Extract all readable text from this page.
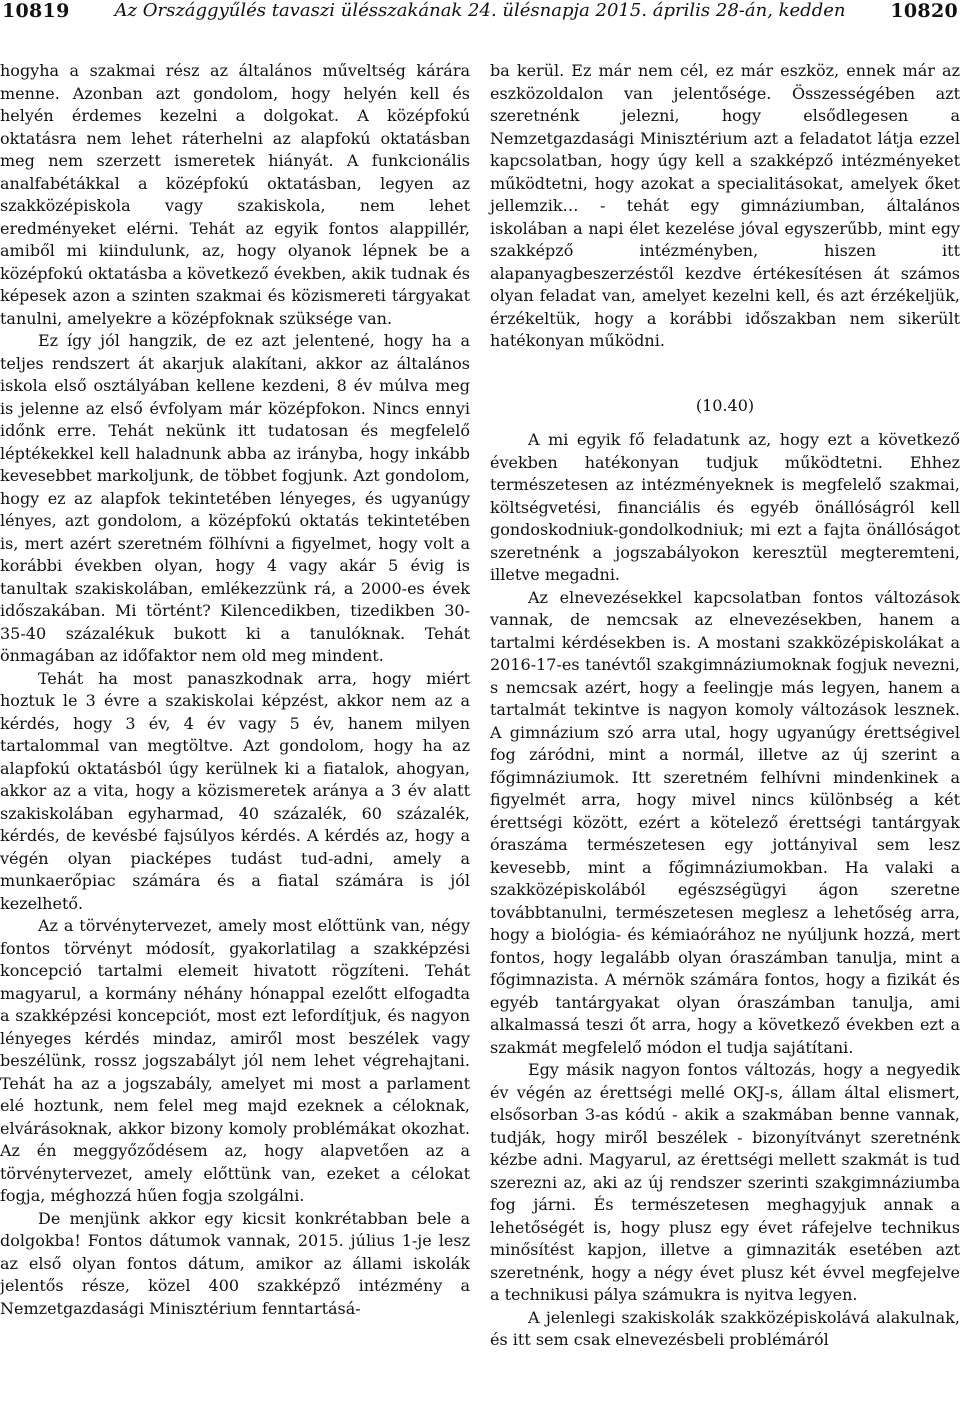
10819	Az Országgyűlés tavaszi ülésszakának 24. ülésnapja 2015. április 28-án, kedden	10820

hogyha a szakmai rész az általános műveltség kárára menne. Azonban azt gondolom, hogy helyén kell és helyén érdemes kezelni a dolgokat. A középfokú oktatásra nem lehet ráterhelni az alapfokú oktatásban meg nem szerzett ismeretek hiányát. A funkcionális analfabétákkal a középfokú oktatásban, legyen az szakközépiskola vagy szakiskola, nem lehet eredményeket elérni. Tehát az egyik fontos alappillér, amiből mi kiindulunk, az, hogy olyanok lépnek be a középfokú oktatásba a következő években, akik tudnak és képesek azon a szinten szakmai és közismereti tárgyakat tanulni, amelyekre a középfoknak szüksége van.

Ez így jól hangzik, de ez azt jelentené, hogy ha a teljes rendszert át akarjuk alakítani, akkor az általános iskola első osztályában kellene kezdeni, 8 év múlva meg is jelenne az első évfolyam már középfokon. Nincs ennyi időnk erre. Tehát nekünk itt tudatosan és megfelelő léptékekkel kell haladnunk abba az irányba, hogy inkább kevesebbet markoljunk, de többet fogjunk. Azt gondolom, hogy ez az alapfok tekintetében lényeges, és ugyanúgy lényes, azt gondolom, a középfokú oktatás tekintetében is, mert azért szeretném fölhívni a figyelmet, hogy volt a korábbi években olyan, hogy 4 vagy akár 5 évig is tanultak szakiskolában, emlékezzünk rá, a 2000-es évek időszakában. Mi történt? Kilencedikben, tizedikben 30-35-40 százalékuk bukott ki a tanulóknak. Tehát önmagában az időfaktor nem old meg mindent.

Tehát ha most panaszkodnak arra, hogy miért hoztuk le 3 évre a szakiskolai képzést, akkor nem az a kérdés, hogy 3 év, 4 év vagy 5 év, hanem milyen tartalommal van megtöltve. Azt gondolom, hogy ha az alapfokú oktatásból úgy kerülnek ki a fiatalok, ahogyan, akkor az a vita, hogy a közismeretek aránya a 3 év alatt szakiskolában egyharmad, 40 százalék, 60 százalék, kérdés, de kevésbé fajsúlyos kérdés. A kérdés az, hogy a végén olyan piacképes tudást tud-adni, amely a munkaerőpiac számára és a fiatal számára is jól kezelhető.

Az a törvénytervezet, amely most előttünk van, négy fontos törvényt módosít, gyakorlatilag a szakképzési koncepció tartalmi elemeit hivatott rögzíteni. Tehát magyarul, a kormány néhány hónappal ezelőtt elfogadta a szakképzési koncepciót, most ezt lefordítjuk, és nagyon lényeges kérdés mindaz, amiről most beszélek vagy beszélünk, rossz jogszabályt jól nem lehet végrehajtani. Tehát ha az a jogszabály, amelyet mi most a parlament elé hoztunk, nem felel meg majd ezeknek a céloknak, elvárásoknak, akkor bizony komoly problémákat okozhat. Az én meggyőződésem az, hogy alapvetően az a törvénytervezet, amely előttünk van, ezeket a célokat fogja, méghozzá hűen fogja szolgálni.

De menjünk akkor egy kicsit konkrétabban bele a dolgokba! Fontos dátumok vannak, 2015. július 1-je lesz az első olyan fontos dátum, amikor az állami iskolák jelentős része, közel 400 szakképző intézmény a Nemzetgazdasági Minisztérium fenntartásá-

ba kerül. Ez már nem cél, ez már eszköz, ennek már az eszközoldalon van jelentősége. Összességében azt szeretnénk jelezni, hogy elsődlegesen a Nemzetgazdasági Minisztérium azt a feladatot látja ezzel kapcsolatban, hogy úgy kell a szakképző intézményeket működtetni, hogy azokat a specialitásokat, amelyek őket jellemzik… - tehát egy gimnáziumban, általános iskolában a napi élet kezelése jóval egyszerűbb, mint egy szakképző intézményben, hiszen itt alapanyagbeszerzéstől kezdve értékesítésen át számos olyan feladat van, amelyet kezelni kell, és azt érzékeljük, érzékeltük, hogy a korábbi időszakban nem sikerült hatékonyan működni.

(10.40)

A mi egyik fő feladatunk az, hogy ezt a következő években hatékonyan tudjuk működtetni. Ehhez természetesen az intézményeknek is megfelelő szakmai, költségvetési, financiális és egyéb önállóságról kell gondoskodniuk-gondolkodniuk; mi ezt a fajta önállóságot szeretnénk a jogszabályokon keresztül megteremteni, illetve megadni.

Az elnevezésekkel kapcsolatban fontos változások vannak, de nemcsak az elnevezésekben, hanem a tartalmi kérdésekben is. A mostani szakközépiskolákat a 2016-17-es tanévtől szakgimnáziumoknak fogjuk nevezni, s nemcsak azért, hogy a feelingje más legyen, hanem a tartalmát tekintve is nagyon komoly változások lesznek. A gimnázium szó arra utal, hogy ugyanúgy érettségivel fog záródni, mint a normál, illetve az új szerint a főgimnáziumok. Itt szeretném felhívni mindenkinek a figyelmét arra, hogy mivel nincs különbség a két érettségi között, ezért a kötelező érettségi tantárgyak óraszáma természetesen egy jottányival sem lesz kevesebb, mint a főgimnáziumokban. Ha valaki a szakközépiskolából egészségügyi ágon szeretne továbbtanulni, természetesen meglesz a lehetőség arra, hogy a biológia- és kémiaórához ne nyúljunk hozzá, mert fontos, hogy legalább olyan óraszámban tanulja, mint a főgimnazista. A mérnök számára fontos, hogy a fizikát és egyéb tantárgyakat olyan óraszámban tanulja, ami alkalmassá teszi őt arra, hogy a következő években ezt a szakmát megfelelő módon el tudja sajátítani.

Egy másik nagyon fontos változás, hogy a negyedik év végén az érettségi mellé OKJ-s, állam által elismert, elsősorban 3-as kódú - akik a szakmában benne vannak, tudják, hogy miről beszélek - bizonyítványt szeretnénk kézbe adni. Magyarul, az érettségi mellett szakmát is tud szerezni az, aki az új rendszer szerinti szakgimnáziumba fog járni. És természetesen meghagyjuk annak a lehetőségét is, hogy plusz egy évet ráfejelve technikus minősítést kapjon, illetve a gimnaziták esetében azt szeretnénk, hogy a négy évet plusz két évvel megfejelve a technikusi pálya számukra is nyitva legyen.

A jelenlegi szakiskolák szakközépiskolává alakulnak, és itt sem csak elnevezésbeli problémáról
